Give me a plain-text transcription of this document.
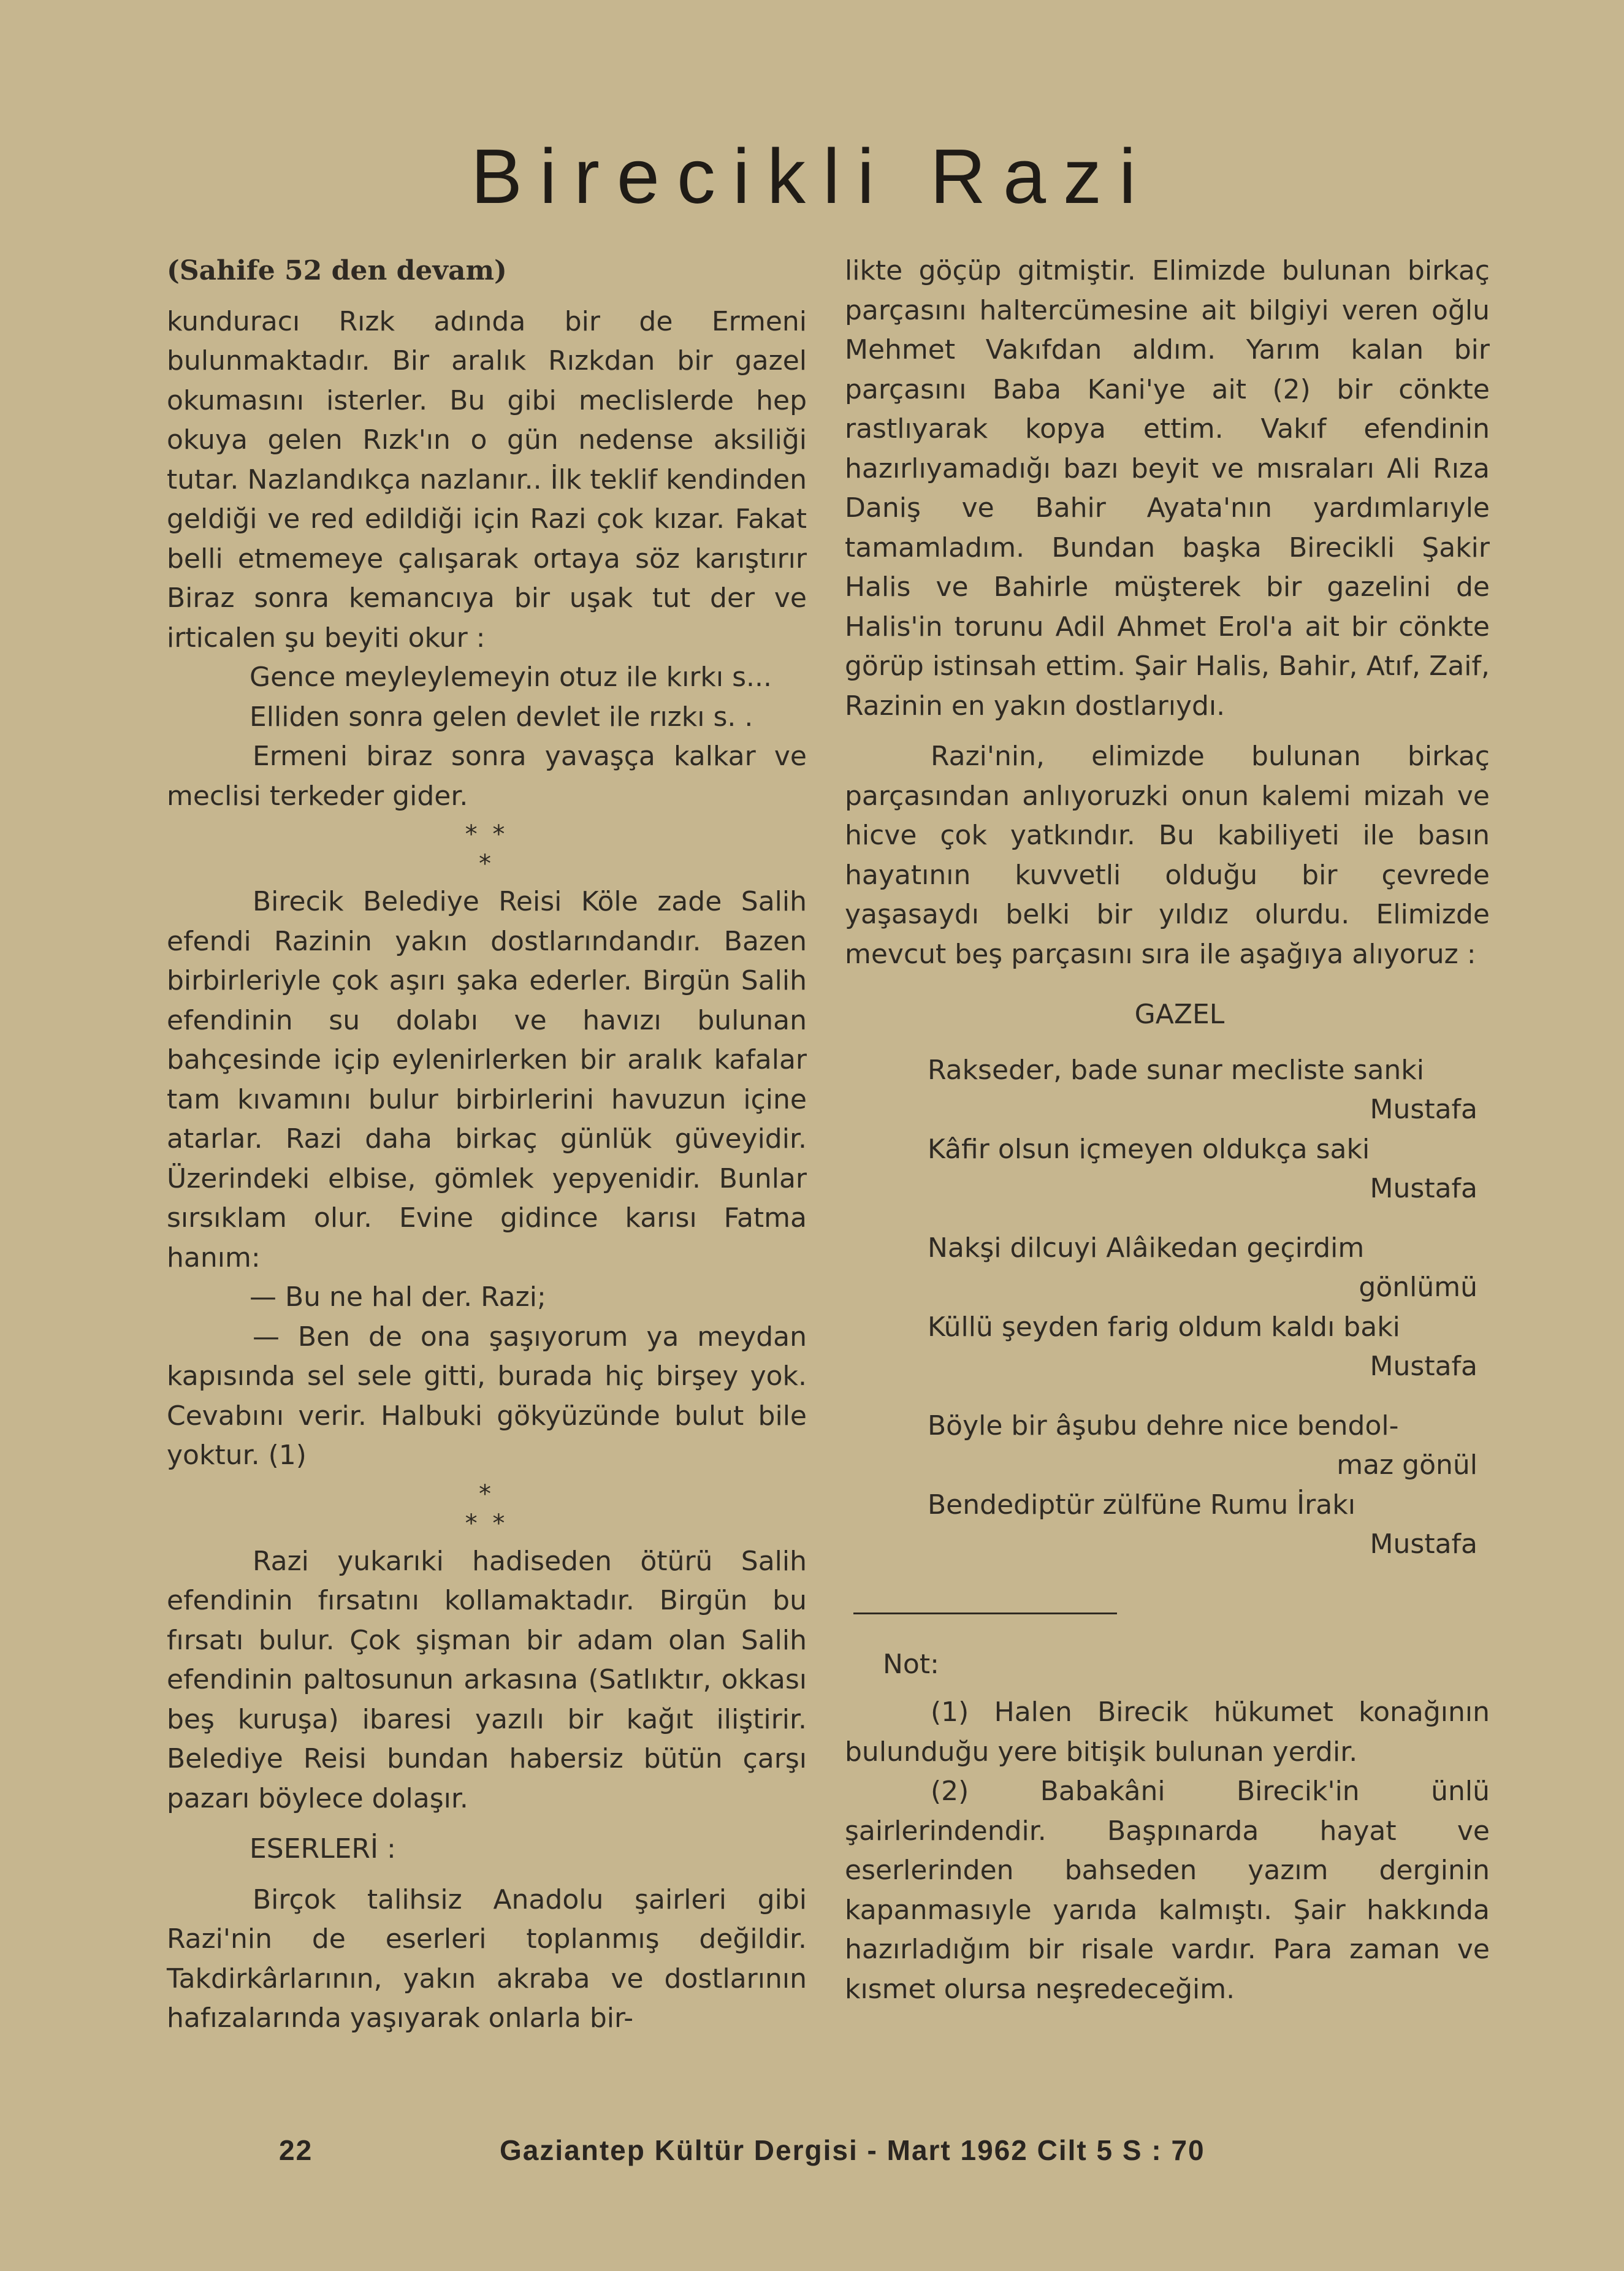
Birecikli Razi

(Sahife 52 den devam)

kunduracı Rızk adında bir de Ermeni bulunmaktadır. Bir aralık Rızkdan bir gazel okumasını isterler. Bu gibi meclislerde hep okuya gelen Rızk'ın o gün nedense aksiliği tutar. Nazlandıkça nazlanır.. İlk teklif kendinden geldiği ve red edildiği için Razi çok kızar. Fakat belli etmemeye çalışarak ortaya söz karıştırır Biraz sonra kemancıya bir uşak tut der ve irticalen şu beyiti okur :

Gence meyleylemeyin otuz ile kırkı s...

Elliden sonra gelen devlet ile rızkı s. .

Ermeni biraz sonra yavaşça kalkar ve meclisi terkeder gider.

* *
*

Birecik Belediye Reisi Köle zade Salih efendi Razinin yakın dostlarındandır. Bazen birbirleriyle çok aşırı şaka ederler. Birgün Salih efendinin su dolabı ve havızı bulunan bahçesinde içip eylenirlerken bir aralık kafalar tam kıvamını bulur birbirlerini havuzun içine atarlar. Razi daha birkaç günlük güveyidir. Üzerindeki elbise, gömlek yepyenidir. Bunlar sırsıklam olur. Evine gidince karısı Fatma hanım:

— Bu ne hal der. Razi;

— Ben de ona şaşıyorum ya meydan kapısında sel sele gitti, burada hiç birşey yok. Cevabını verir. Halbuki gökyüzünde bulut bile yoktur. (1)

*
* *

Razi yukarıki hadiseden ötürü Salih efendinin fırsatını kollamaktadır. Birgün bu fırsatı bulur. Çok şişman bir adam olan Salih efendinin paltosunun arkasına (Satlıktır, okkası beş kuruşa) ibaresi yazılı bir kağıt iliştirir. Belediye Reisi bundan habersiz bütün çarşı pazarı böylece dolaşır.

ESERLERİ :

Birçok talihsiz Anadolu şairleri gibi Razi'nin de eserleri toplanmış değildir. Takdirkârlarının, yakın akraba ve dostlarının hafızalarında yaşıyarak onlarla bir-

likte göçüp gitmiştir. Elimizde bulunan birkaç parçasını haltercümesine ait bilgiyi veren oğlu Mehmet Vakıfdan aldım. Yarım kalan bir parçasını Baba Kani'ye ait (2) bir cönkte rastlıyarak kopya ettim. Vakıf efendinin hazırlıyamadığı bazı beyit ve mısraları Ali Rıza Daniş ve Bahir Ayata'nın yardımlarıyle tamamladım. Bundan başka Birecikli Şakir Halis ve Bahirle müşterek bir gazelini de Halis'in torunu Adil Ahmet Erol'a ait bir cönkte görüp istinsah ettim. Şair Halis, Bahir, Atıf, Zaif, Razinin en yakın dostlarıydı.

Razi'nin, elimizde bulunan birkaç parçasından anlıyoruzki onun kalemi mizah ve hicve çok yatkındır. Bu kabiliyeti ile basın hayatının kuvvetli olduğu bir çevrede yaşasaydı belki bir yıldız olurdu. Elimizde mevcut beş parçasını sıra ile aşağıya alıyoruz :

GAZEL

Rakseder, bade sunar mecliste sanki

Mustafa

Kâfir olsun içmeyen oldukça saki

Mustafa

Nakşi dilcuyi Alâikedan geçirdim

gönlümü

Küllü şeyden farig oldum kaldı baki

Mustafa

Böyle bir âşubu dehre nice bendol-

maz gönül

Bendediptür zülfüne Rumu İrakı

Mustafa

Not:

(1) Halen Birecik hükumet konağının bulunduğu yere bitişik bulunan yerdir.

(2) Babakâni Birecik'in ünlü şairlerindendir. Başpınarda hayat ve eserlerinden bahseden yazım derginin kapanmasıyle yarıda kalmıştı. Şair hakkında hazırladığım bir risale vardır. Para zaman ve kısmet olursa neşredeceğim.

22	Gaziantep Kültür Dergisi - Mart 1962 Cilt 5 S : 70
